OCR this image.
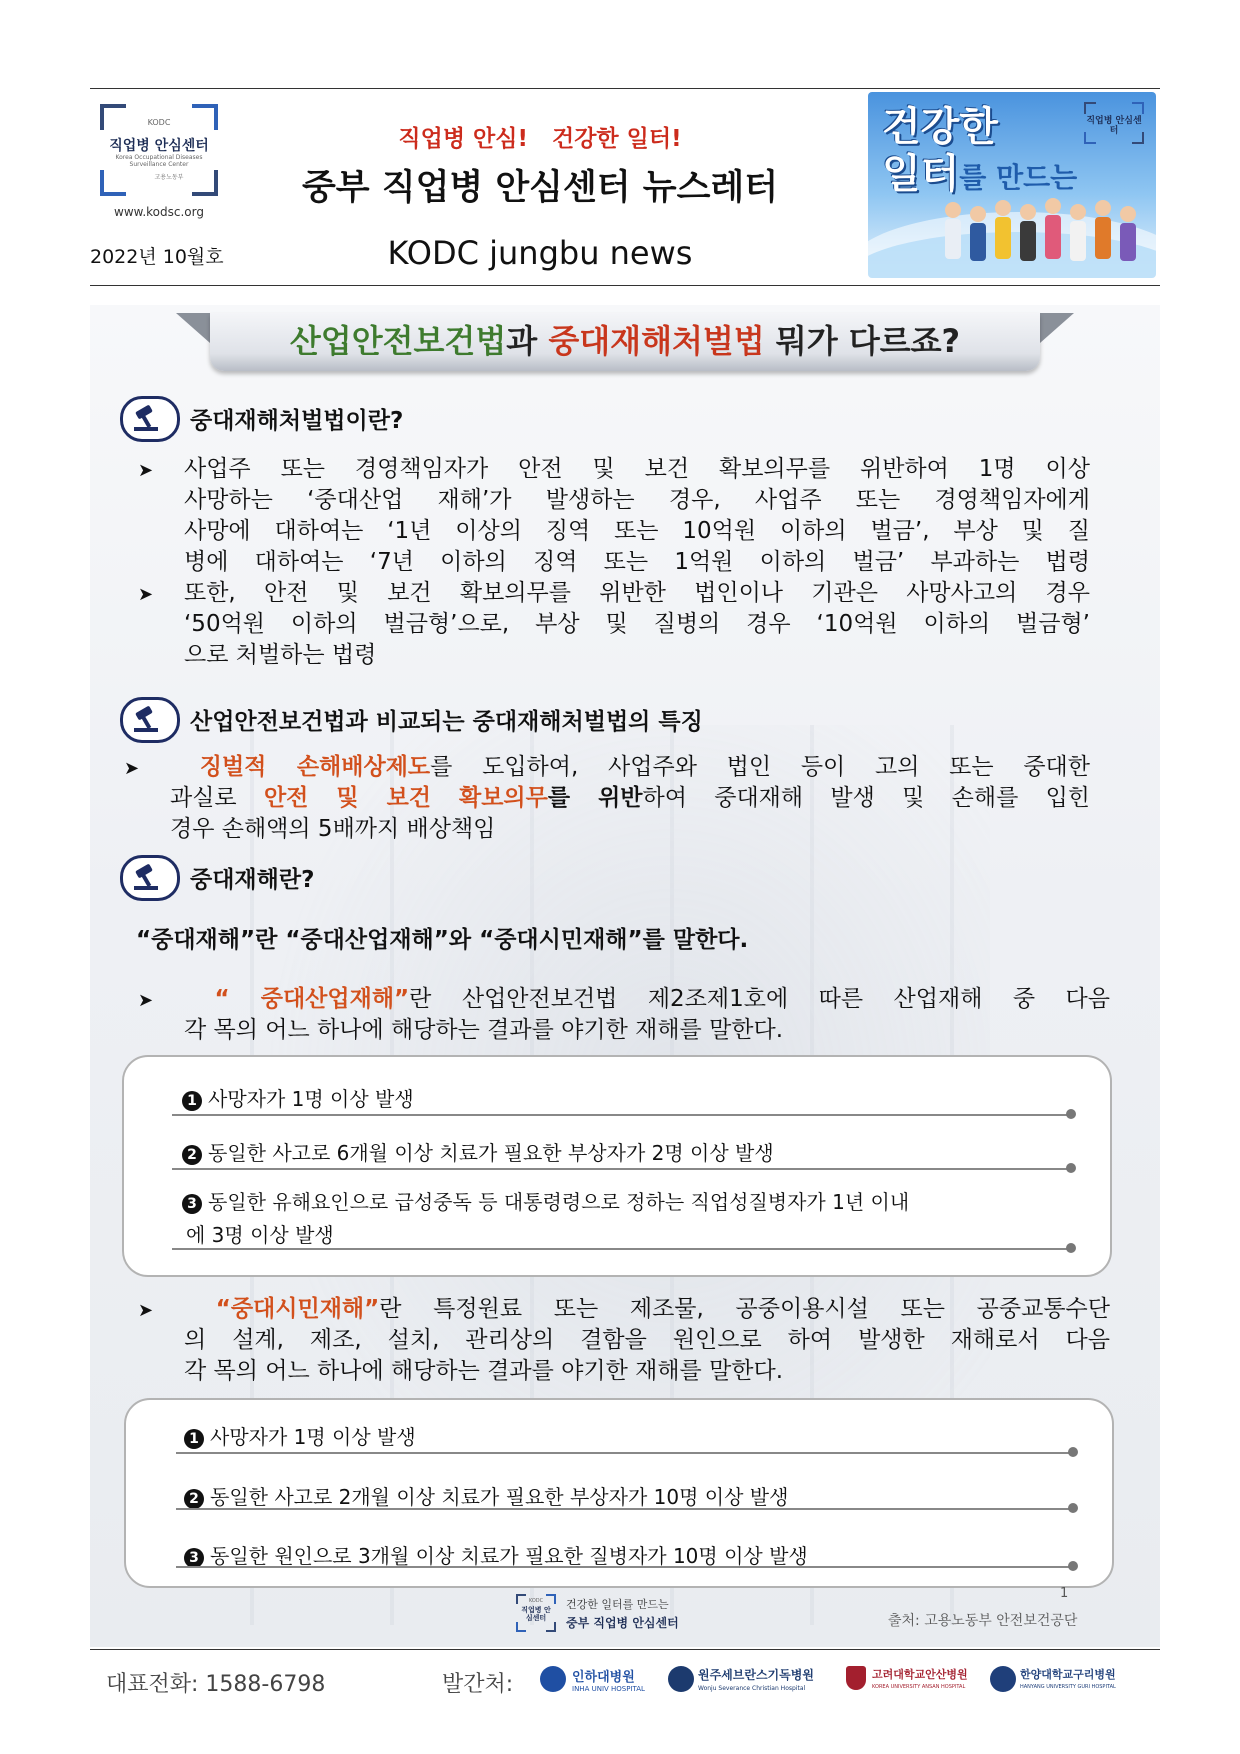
KODC
직업병 안심센터
Korea Occupational Diseases
Surveillance Center
고용노동부
www.kodsc.org
2022년 10월호
직업병 안심!   건강한 일터!
중부 직업병 안심센터 뉴스레터
KODC jungbu news
건강한
일터를 만드는
직업병 안심센터
산업안전보건법과 중대재해처벌법 뭐가 다르죠?
중대재해처벌법이란?
➤ 사업주 또는 경영책임자가 안전 및 보건 확보의무를 위반하여 1명 이상
사망하는 ‘중대산업 재해’가 발생하는 경우, 사업주 또는 경영책임자에게
사망에 대하여는 ‘1년 이상의 징역 또는 10억원 이하의 벌금’, 부상 및 질
병에 대하여는 ‘7년 이하의 징역 또는 1억원 이하의 벌금’ 부과하는 법령
➤ 또한, 안전 및 보건 확보의무를 위반한 법인이나 기관은 사망사고의 경우
‘50억원 이하의 벌금형’으로, 부상 및 질병의 경우 ‘10억원 이하의 벌금형’
으로 처벌하는 법령
산업안전보건법과 비교되는 중대재해처벌법의 특징
➤	징벌적 손해배상제도를 도입하여, 사업주와 법인 등이 고의 또는 중대한
과실로 안전 및 보건 확보의무를 위반하여 중대재해 발생 및 손해를 입힌
경우 손해액의 5배까지 배상책임
중대재해란?
“중대재해”란 “중대산업재해”와 “중대시민재해”를 말한다.
➤	“ 중대산업재해”란 산업안전보건법 제2조제1호에 따른 산업재해 중 다음
각 목의 어느 하나에 해당하는 결과를 야기한 재해를 말한다.
1 사망자가 1명 이상 발생
2 동일한 사고로 6개월 이상 치료가 필요한 부상자가 2명 이상 발생
3 동일한 유해요인으로 급성중독 등 대통령령으로 정하는 직업성질병자가 1년 이내
에 3명 이상 발생
➤	“중대시민재해”란 특정원료 또는 제조물, 공중이용시설 또는 공중교통수단
의 설계, 제조, 설치, 관리상의 결함을 원인으로 하여 발생한 재해로서 다음
각 목의 어느 하나에 해당하는 결과를 야기한 재해를 말한다.
1 사망자가 1명 이상 발생
2 동일한 사고로 2개월 이상 치료가 필요한 부상자가 10명 이상 발생
3 동일한 원인으로 3개월 이상 치료가 필요한 질병자가 10명 이상 발생
1
KODC
직업병 안심센터
건강한 일터를 만드는
중부 직업병 안심센터	출처: 고용노동부 안전보건공단
대표전화: 1588-6798	발간처:	인하대병원
INHA UNIV HOSPITAL
원주세브란스기독병원
Wonju Severance Christian Hospital
고려대학교안산병원
KOREA UNIVERSITY ANSAN HOSPITAL
한양대학교구리병원
HANYANG UNIVERSITY GURI HOSPITAL
